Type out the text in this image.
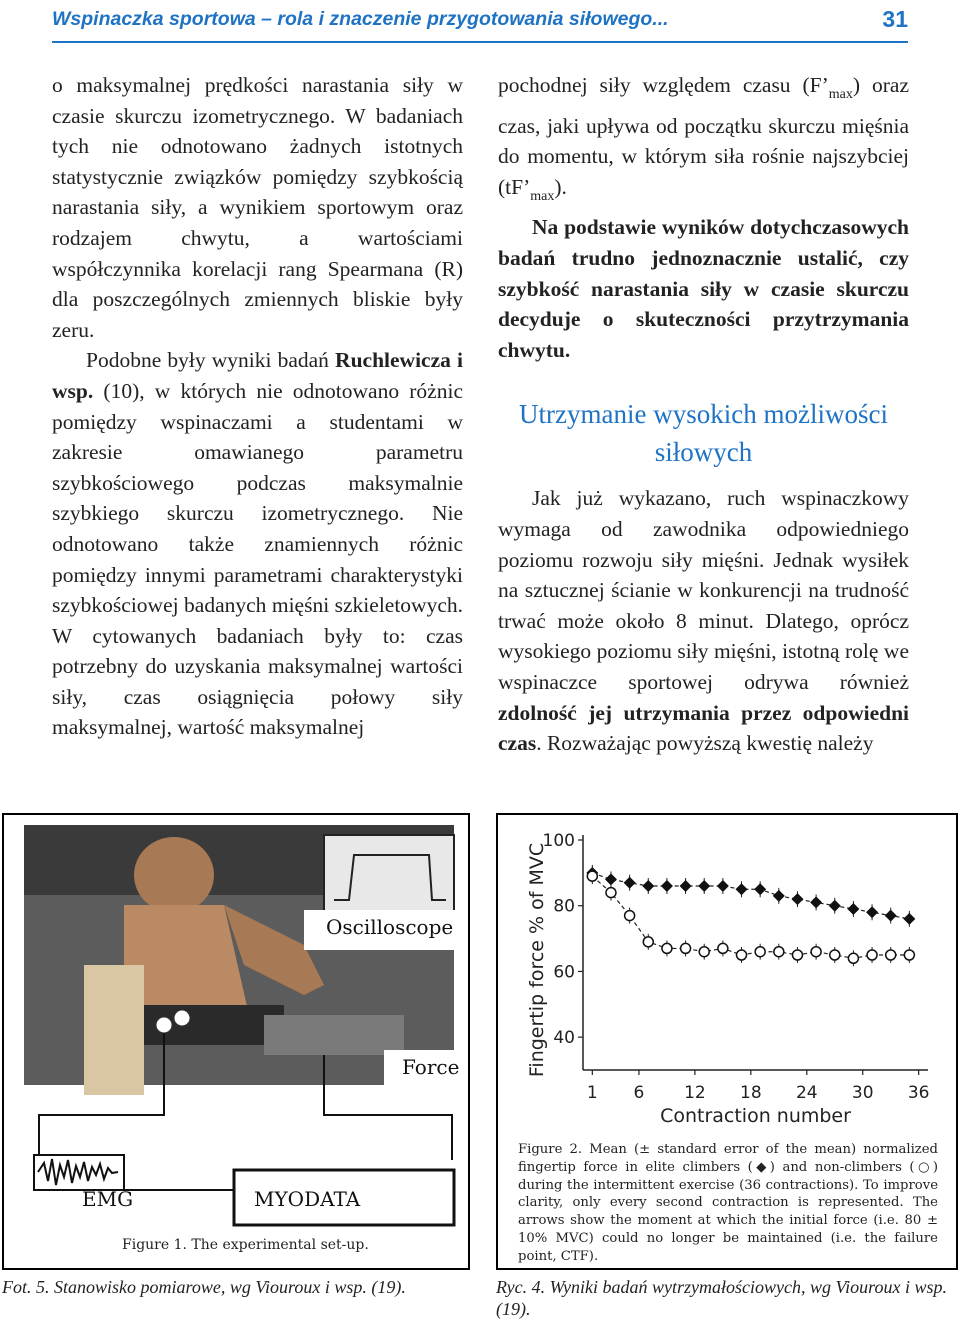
Wspinaczka sportowa – rola i znaczenie przygotowania siłowego...	31

o maksymalnej prędkości narastania siły w czasie skurczu izometrycznego. W badaniach tych nie odnotowano żadnych istotnych statystycznie związków pomiędzy szybkością narastania siły, a wynikiem sportowym oraz rodzajem chwytu, a wartościami współczynnika korelacji rang Spearmana (R) dla poszczególnych zmiennych bliskie były zeru.

Podobne były wyniki badań Ruchlewicza i wsp. (10), w których nie odnotowano różnic pomiędzy wspinaczami a studentami w zakresie omawianego parametru szybkościowego podczas maksymalnie szybkiego skurczu izometrycznego. Nie odnotowano także znamiennych różnic pomiędzy innymi parametrami charakterystyki szybkościowej badanych mięśni szkieletowych. W cytowanych badaniach były to: czas potrzebny do uzyskania maksymalnej wartości siły, czas osiągnięcia połowy siły maksymalnej, wartość maksymalnej

pochodnej siły względem czasu $(F’_{max})$ oraz czas, jaki upływa od początku skurczu mięśnia do momentu, w którym siła rośnie najszybciej $(tF’_{max})$.

Na podstawie wyników dotychczasowych badań trudno jednoznacznie ustalić, czy szybkość narastania siły w czasie skurczu decyduje o skuteczności przytrzymania chwytu.

Utrzymanie wysokich możliwości siłowych

Jak już wykazano, ruch wspinaczkowy wymaga od zawodnika odpowiedniego poziomu rozwoju siły mięśni. Jednak wysiłek na sztucznej ścianie w konkurencji na trudność trwać może około 8 minut. Dlatego, oprócz wysokiego poziomu siły mięśni, istotną rolę we wspinaczce sportowej odrywa również zdolność jej utrzymania przez odpowiedni czas. Rozważając powyższą kwestię należy

Oscilloscope
Force
EMG	MYODATA
Figure 1. The experimental set-up.
40
60
80
100
1 6 12 18 24 30 36
Fingertip force % of MVC
Contraction number
Figure 2. Mean (± standard error of the mean) normalized fingertip force in elite climbers (◆) and non-climbers (○) during the intermittent exercise (36 contractions). To improve clarity, only every second contraction is represented. The arrows show the moment at which the initial force (i.e. 80 ± 10% MVC) could no longer be maintained (i.e. the failure point, CTF).
Fot. 5. Stanowisko pomiarowe, wg Viouroux i wsp. (19).	Ryc. 4. Wyniki badań wytrzymałościowych, wg Viouroux i wsp. (19).
